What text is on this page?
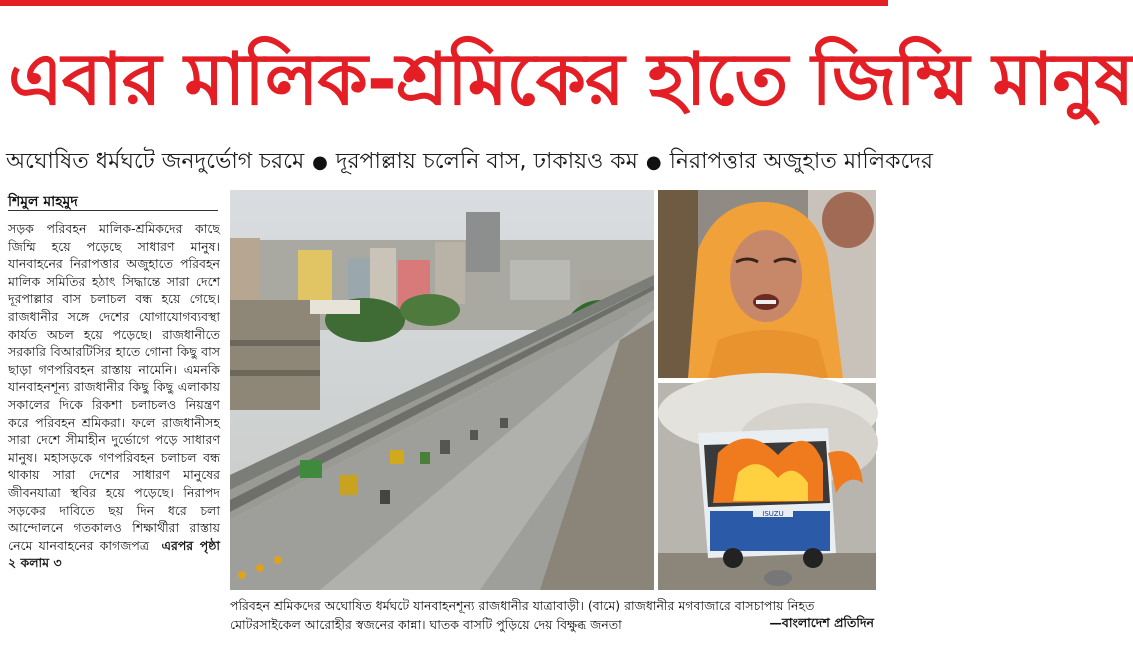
এবার মালিক-শ্রমিকের হাতে জিম্মি মানুষ
অঘোষিত ধর্মঘটে জনদুর্ভোগ চরমে ● দূরপাল্লায় চলেনি বাস, ঢাকায়ও কম ● নিরাপত্তার অজুহাত মালিকদের
শিমুল মাহমুদ

সড়ক পরিবহন মালিক-শ্রমিকদের কাছে জিম্মি হয়ে পড়েছে সাধারণ মানুষ। যানবাহনের নিরাপত্তার অজুহাতে পরিবহন মালিক সমিতির হঠাৎ সিদ্ধান্তে সারা দেশে দূরপাল্লার বাস চলাচল বন্ধ হয়ে গেছে। রাজধানীর সঙ্গে দেশের যোগাযোগব্যবস্থা কার্যত অচল হয়ে পড়েছে। রাজধানীতে সরকারি বিআরটিসির হাতে গোনা কিছু বাস ছাড়া গণপরিবহন রাস্তায় নামেনি। এমনকি যানবাহনশূন্য রাজধানীর কিছু কিছু এলাকায় সকালের দিকে রিকশা চলাচলও নিয়ন্ত্রণ করে পরিবহন শ্রমিকরা। ফলে রাজধানীসহ সারা দেশে সীমাহীন দুর্ভোগে পড়ে সাধারণ মানুষ। মহাসড়কে গণপরিবহন চলাচল বন্ধ থাকায় সারা দেশের সাধারণ মানুষের জীবনযাত্রা স্থবির হয়ে পড়েছে। নিরাপদ সড়কের দাবিতে ছয় দিন ধরে চলা আন্দোলনে গতকালও শিক্ষার্থীরা রাস্তায় নেমে যানবাহনের কাগজপত্র এরপর পৃষ্ঠা ২ কলাম ৩

ISUZU

পরিবহন শ্রমিকদের অঘোষিত ধর্মঘটে যানবাহনশূন্য রাজধানীর যাত্রাবাড়ী। (বামে) রাজধানীর মগবাজারে বাসচাপায় নিহত মোটরসাইকেল আরোহীর স্বজনের কান্না। ঘাতক বাসটি পুড়িয়ে দেয় বিক্ষুব্ধ জনতা	—বাংলাদেশ প্রতিদিন
